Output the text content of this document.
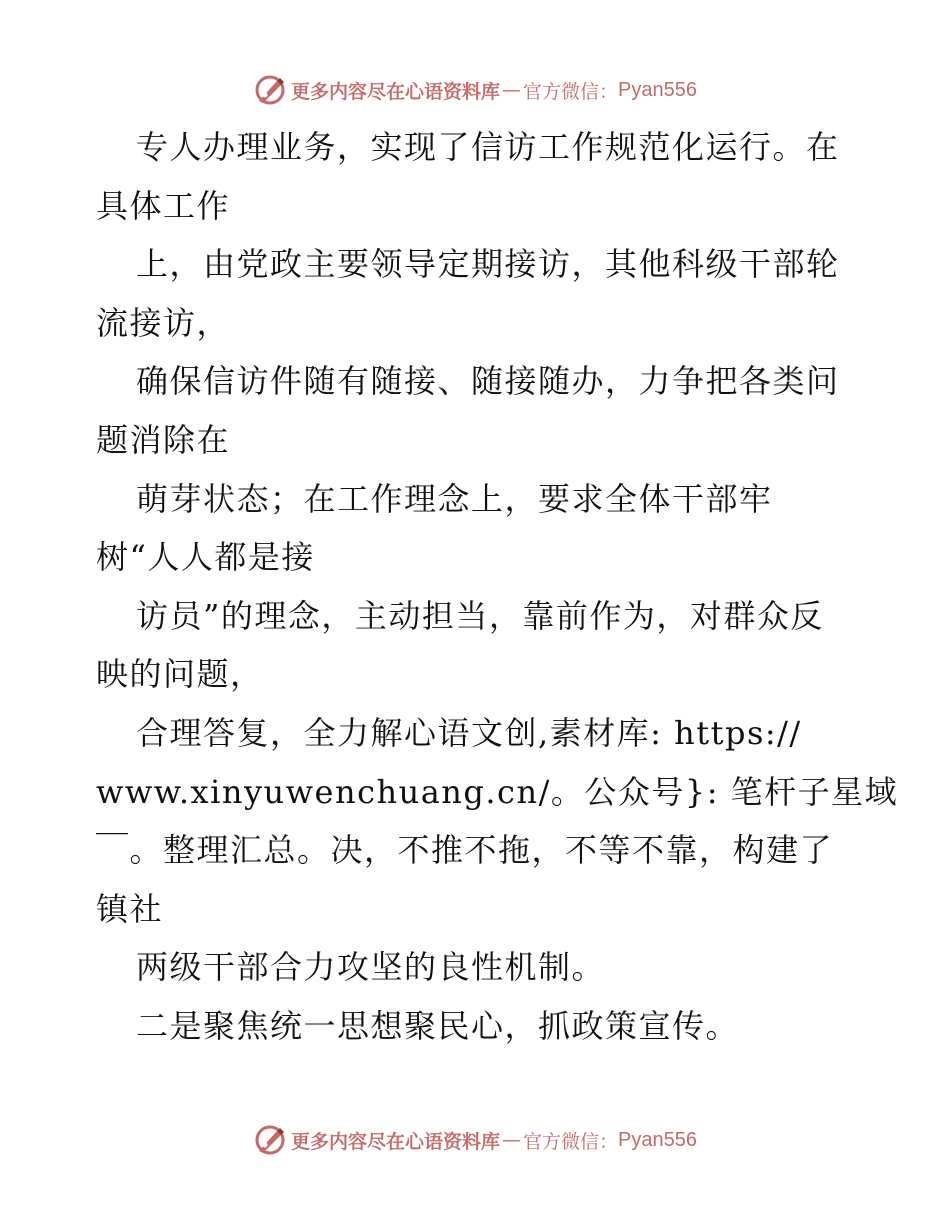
更多内容尽在心语资料库 — 官方微信： Pyan556
专人办理业务，实现了信访工作规范化运行。在
具体工作
上，由党政主要领导定期接访，其他科级干部轮
流接访，
确保信访件随有随接、随接随办，力争把各类问
题消除在
萌芽状态；在工作理念上，要求全体干部牢
树“人人都是接
访员”的理念，主动担当，靠前作为，对群众反
映的问题，
合理答复，全力解心语文创,素材库: https://
www.xinyuwenchuang.cn/。公众号}: 笔杆子星域
￣。整理汇总。决，不推不拖，不等不靠，构建了
镇社
两级干部合力攻坚的良性机制。
二是聚焦统一思想聚民心，抓政策宣传。
更多内容尽在心语资料库 — 官方微信： Pyan556
